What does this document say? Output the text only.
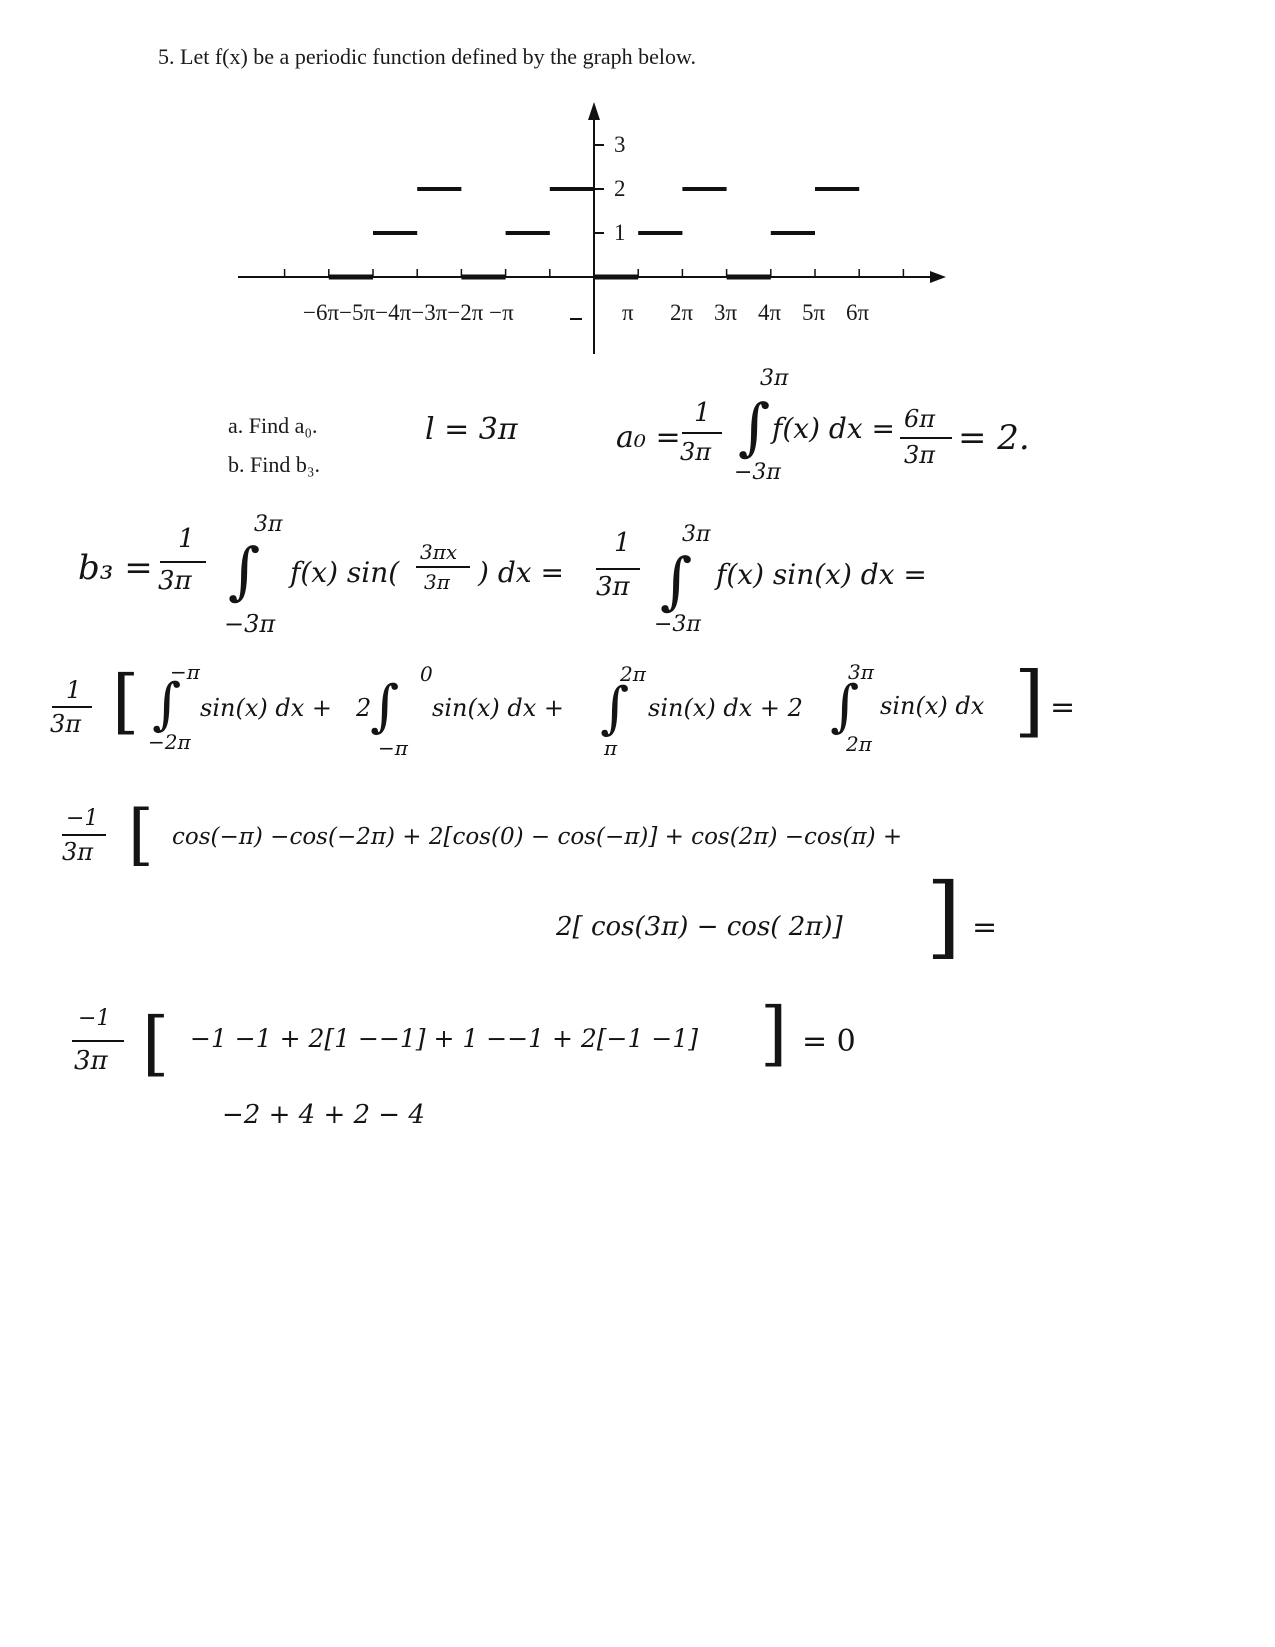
5. Let f(x) be a periodic function defined by the graph below.
a. Find a₀.
b. Find b₃.
3
2
1
−6π−5π−4π−3π−2π −π	π 2π 3π 4π 5π 6π
l = 3π	a₀ =
1
3π
3π
∫
−3π
f(x) dx = 6π
3π = 2.
b₃ =
1
3π
3π
∫
−3π
f(x) sin(
3πx
3π ) dx =
1
3π
3π
∫
−3π
f(x) sin(x) dx =
1
3π [ −π
∫
−2π
sin(x) dx + 2
0
∫
−π
sin(x) dx +
2π
∫
π
sin(x) dx + 2
3π
∫
2π
sin(x) dx ] =
−1
3π [ cos(−π) −cos(−2π) + 2[cos(0) − cos(−π)] + cos(2π) −cos(π) +
2[ cos(3π) − cos( 2π)] ] =
−1
3π [ −1 −1 + 2[1 −−1] + 1 −−1 + 2[−1 −1] ] = 0
−2 + 4 + 2 − 4
